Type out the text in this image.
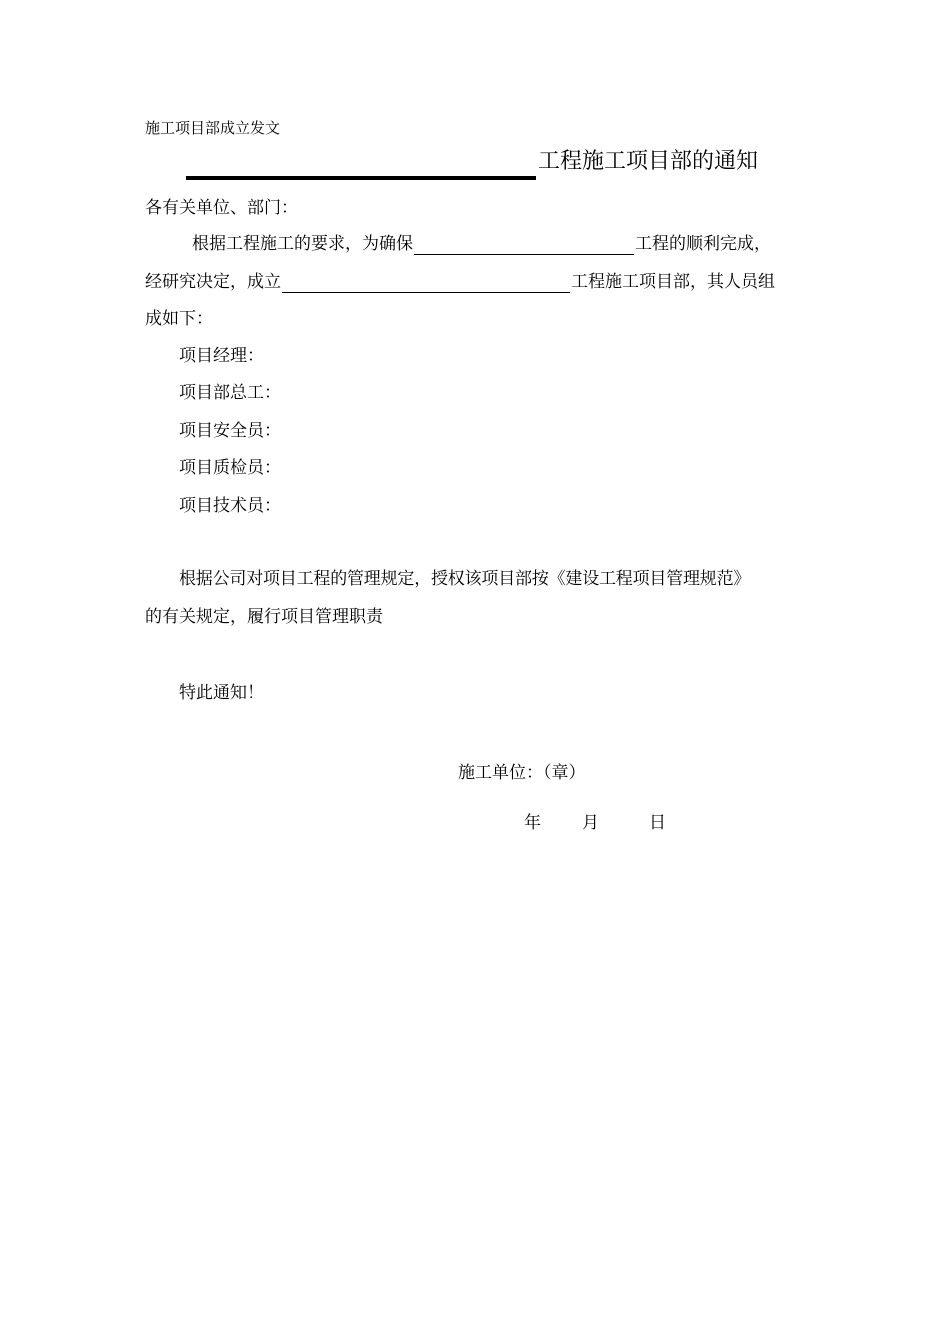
施工项目部成立发文
工程施工项目部的通知
各有关单位、部门：
根据工程施工的要求，为确保	工程的顺利完成，
经研究决定，成立	工程施工项目部，其人员组
成如下：
项目经理：
项目部总工：
项目安全员：
项目质检员：
项目技术员：
根据公司对项目工程的管理规定，授权该项目部按《建设工程项目管理规范》
的有关规定，履行项目管理职责
特此通知！
施工单位：（章）
年 月	日
